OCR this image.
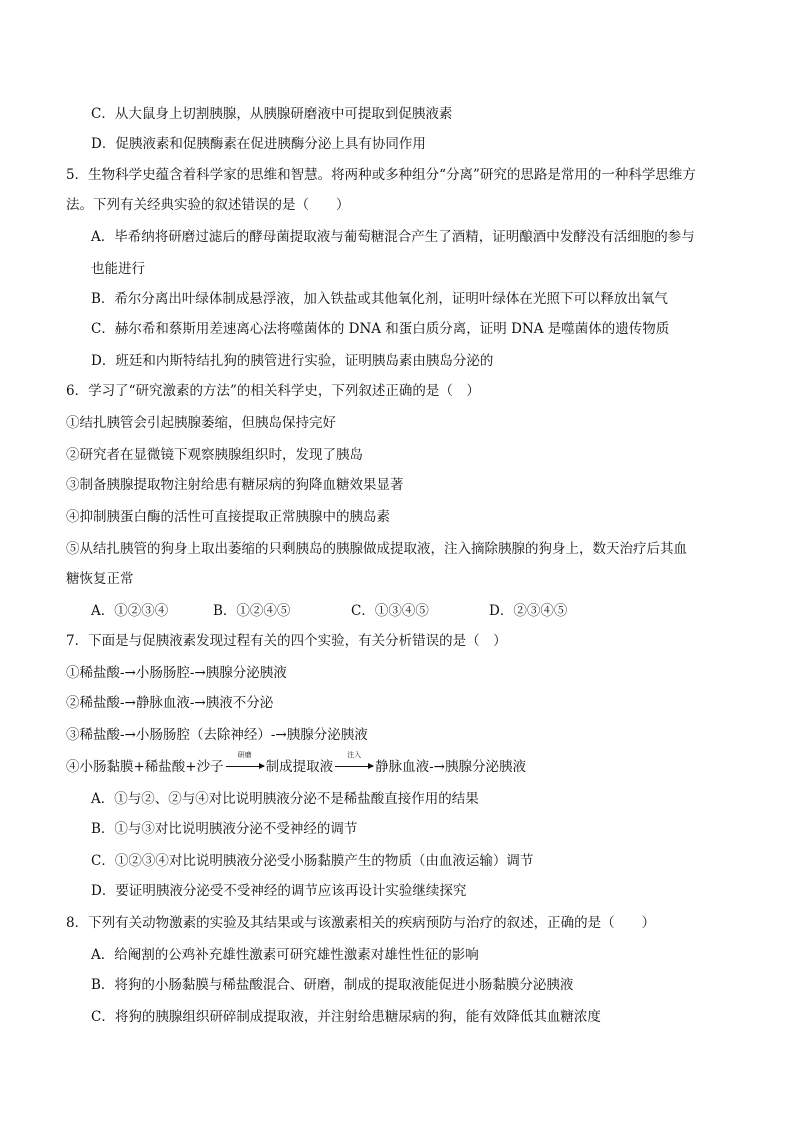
C．从大鼠身上切割胰腺，从胰腺研磨液中可提取到促胰液素
D．促胰液素和促胰酶素在促进胰酶分泌上具有协同作用
5．生物科学史蕴含着科学家的思维和智慧。将两种或多种组分“分离”研究的思路是常用的一种科学思维方
法。下列有关经典实验的叙述错误的是（　　）
A．毕希纳将研磨过滤后的酵母菌提取液与葡萄糖混合产生了酒精，证明酿酒中发酵没有活细胞的参与
也能进行
B．希尔分离出叶绿体制成悬浮液，加入铁盐或其他氧化剂，证明叶绿体在光照下可以释放出氧气
C．赫尔希和蔡斯用差速离心法将噬菌体的 DNA 和蛋白质分离，证明 DNA 是噬菌体的遗传物质
D．班廷和内斯特结扎狗的胰管进行实验，证明胰岛素由胰岛分泌的
6．学习了“研究激素的方法”的相关科学史，下列叙述正确的是（　）
①结扎胰管会引起胰腺萎缩，但胰岛保持完好
②研究者在显微镜下观察胰腺组织时，发现了胰岛
③制备胰腺提取物注射给患有糖尿病的狗降血糖效果显著
④抑制胰蛋白酶的活性可直接提取正常胰腺中的胰岛素
⑤从结扎胰管的狗身上取出萎缩的只剩胰岛的胰腺做成提取液，注入摘除胰腺的狗身上，数天治疗后其血
糖恢复正常
A．①②③④	B．①②④⑤	C．①③④⑤	D．②③④⑤
7．下面是与促胰液素发现过程有关的四个实验，有关分析错误的是（　）
①稀盐酸-→小肠肠腔-→胰腺分泌胰液
②稀盐酸-→静脉血液-→胰液不分泌
③稀盐酸-→小肠肠腔（去除神经）-→胰腺分泌胰液
④小肠黏膜+稀盐酸+沙子
研磨
制成提取液
注入
静脉血液-→胰腺分泌胰液
A．①与②、②与④对比说明胰液分泌不是稀盐酸直接作用的结果
B．①与③对比说明胰液分泌不受神经的调节
C．①②③④对比说明胰液分泌受小肠黏膜产生的物质（由血液运输）调节
D．要证明胰液分泌受不受神经的调节应该再设计实验继续探究
8．下列有关动物激素的实验及其结果或与该激素相关的疾病预防与治疗的叙述，正确的是（　　）
A．给阉割的公鸡补充雄性激素可研究雄性激素对雄性性征的影响
B．将狗的小肠黏膜与稀盐酸混合、研磨，制成的提取液能促进小肠黏膜分泌胰液
C．将狗的胰腺组织研碎制成提取液，并注射给患糖尿病的狗，能有效降低其血糖浓度
